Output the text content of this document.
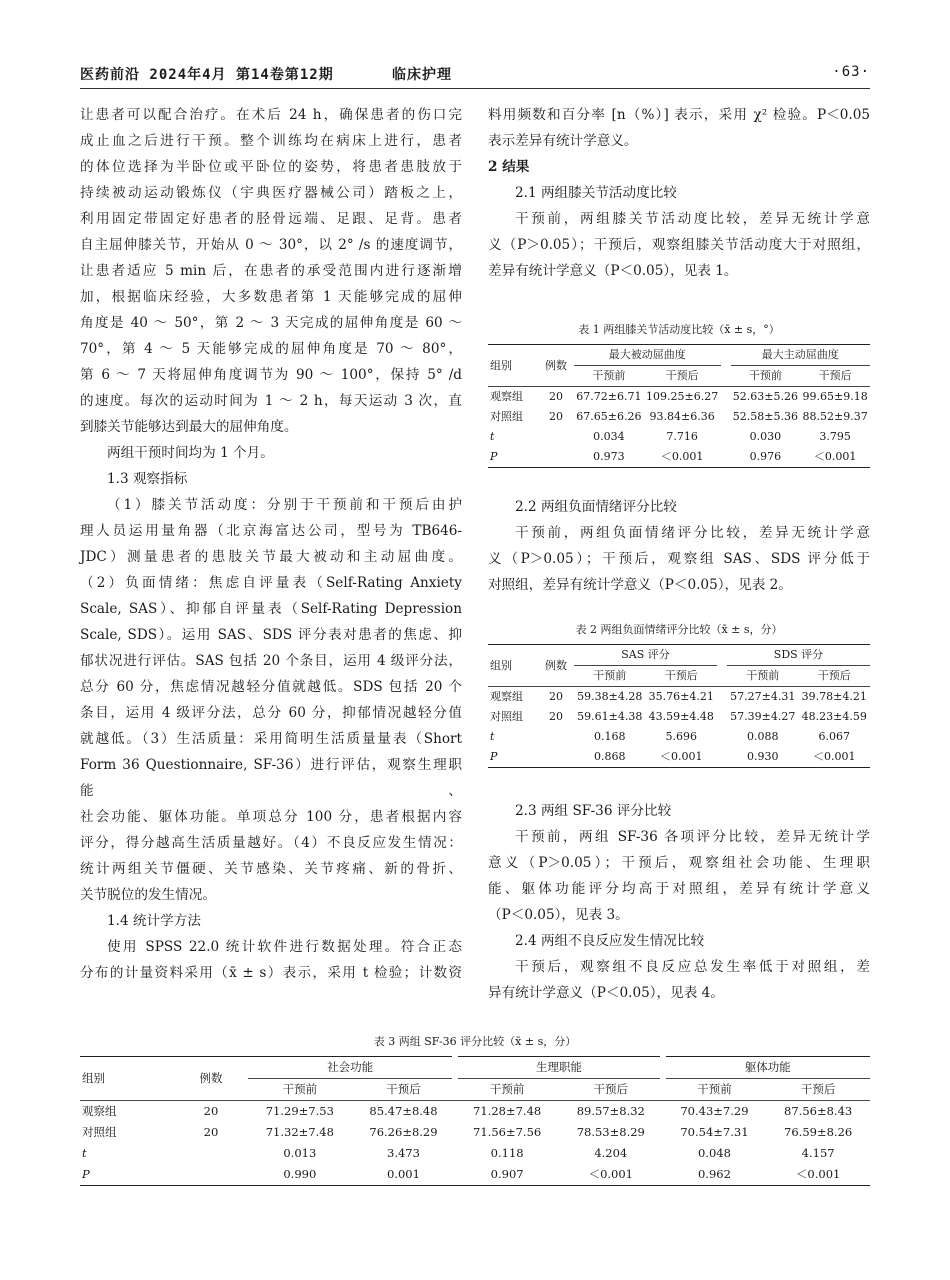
医药前沿 2024年4月 第14卷第12期	临床护理	·63·

让患者可以配合治疗。在术后 24 h，确保患者的伤口完

成止血之后进行干预。整个训练均在病床上进行，患者

的体位选择为半卧位或平卧位的姿势，将患者患肢放于

持续被动运动锻炼仪（宇典医疗器械公司）踏板之上，

利用固定带固定好患者的胫骨远端、足跟、足背。患者

自主屈伸膝关节，开始从 0 ～ 30°，以 2° /s 的速度调节，

让患者适应 5 min 后，在患者的承受范围内进行逐渐增

加，根据临床经验，大多数患者第 1 天能够完成的屈伸

角度是 40 ～ 50°，第 2 ～ 3 天完成的屈伸角度是 60 ～

70°，第 4 ～ 5 天能够完成的屈伸角度是 70 ～ 80°，

第 6 ～ 7 天将屈伸角度调节为 90 ～ 100°，保持 5° /d

的速度。每次的运动时间为 1 ～ 2 h，每天运动 3 次，直

到膝关节能够达到最大的屈伸角度。

两组干预时间均为 1 个月。

1.3 观察指标

（1）膝关节活动度：分别于干预前和干预后由护

理人员运用量角器（北京海富达公司，型号为 TB646-

JDC）测量患者的患肢关节最大被动和主动屈曲度。

（2）负面情绪：焦虑自评量表（Self-Rating Anxiety

Scale, SAS）、抑郁自评量表（Self-Rating Depression

Scale, SDS）。运用 SAS、SDS 评分表对患者的焦虑、抑

郁状况进行评估。SAS 包括 20 个条目，运用 4 级评分法，

总分 60 分，焦虑情况越轻分值就越低。SDS 包括 20 个

条目，运用 4 级评分法，总分 60 分，抑郁情况越轻分值

就越低。（3）生活质量：采用简明生活质量量表（Short

Form 36 Questionnaire, SF-36）进行评估，观察生理职能、

社会功能、躯体功能。单项总分 100 分，患者根据内容

评分，得分越高生活质量越好。（4）不良反应发生情况：

统计两组关节僵硬、关节感染、关节疼痛、新的骨折、

关节脱位的发生情况。

1.4 统计学方法

使用 SPSS 22.0 统计软件进行数据处理。符合正态

分布的计量资料采用（x̄ ± s）表示，采用 t 检验；计数资

料用频数和百分率 [n（%）] 表示，采用 χ² 检验。P＜0.05

表示差异有统计学意义。

2 结果

2.1 两组膝关节活动度比较

干预前，两组膝关节活动度比较，差异无统计学意

义（P＞0.05）；干预后，观察组膝关节活动度大于对照组，

差异有统计学意义（P＜0.05），见表 1。

表 1 两组膝关节活动度比较（x̄ ± s，°）

组别	例数	最大被动屈曲度			最大主动屈曲度	
		干预前	干预后		干预前	干预后
观察组	20	67.72±6.71	109.25±6.27		52.63±5.26	99.65±9.18
对照组	20	67.65±6.26	93.84±6.36		52.58±5.36	88.52±9.37
t		0.034	7.716		0.030	3.795
P		0.973	＜0.001		0.976	＜0.001

2.2 两组负面情绪评分比较

干预前，两组负面情绪评分比较，差异无统计学意

义（P＞0.05）；干预后，观察组 SAS、SDS 评分低于

对照组，差异有统计学意义（P＜0.05），见表 2。

表 2 两组负面情绪评分比较（x̄ ± s，分）

组别	例数	SAS 评分			SDS 评分	
		干预前	干预后		干预前	干预后
观察组	20	59.38±4.28	35.76±4.21		57.27±4.31	39.78±4.21
对照组	20	59.61±4.38	43.59±4.48		57.39±4.27	48.23±4.59
t		0.168	5.696		0.088	6.067
P		0.868	＜0.001		0.930	＜0.001

2.3 两组 SF-36 评分比较

干预前，两组 SF-36 各项评分比较，差异无统计学

意义（P＞0.05）；干预后，观察组社会功能、生理职

能、躯体功能评分均高于对照组，差异有统计学意义

（P＜0.05），见表 3。

2.4 两组不良反应发生情况比较

干预后，观察组不良反应总发生率低于对照组，差

异有统计学意义（P＜0.05），见表 4。

表 3 两组 SF-36 评分比较（x̄ ± s，分）

组别	例数	社会功能		生理职能		躯体功能	
		干预前	干预后	干预前	干预后	干预前	干预后
观察组	20	71.29±7.53	85.47±8.48	71.28±7.48	89.57±8.32	70.43±7.29	87.56±8.43
对照组	20	71.32±7.48	76.26±8.29	71.56±7.56	78.53±8.29	70.54±7.31	76.59±8.26
t		0.013	3.473	0.118	4.204	0.048	4.157
P		0.990	0.001	0.907	＜0.001	0.962	＜0.001
